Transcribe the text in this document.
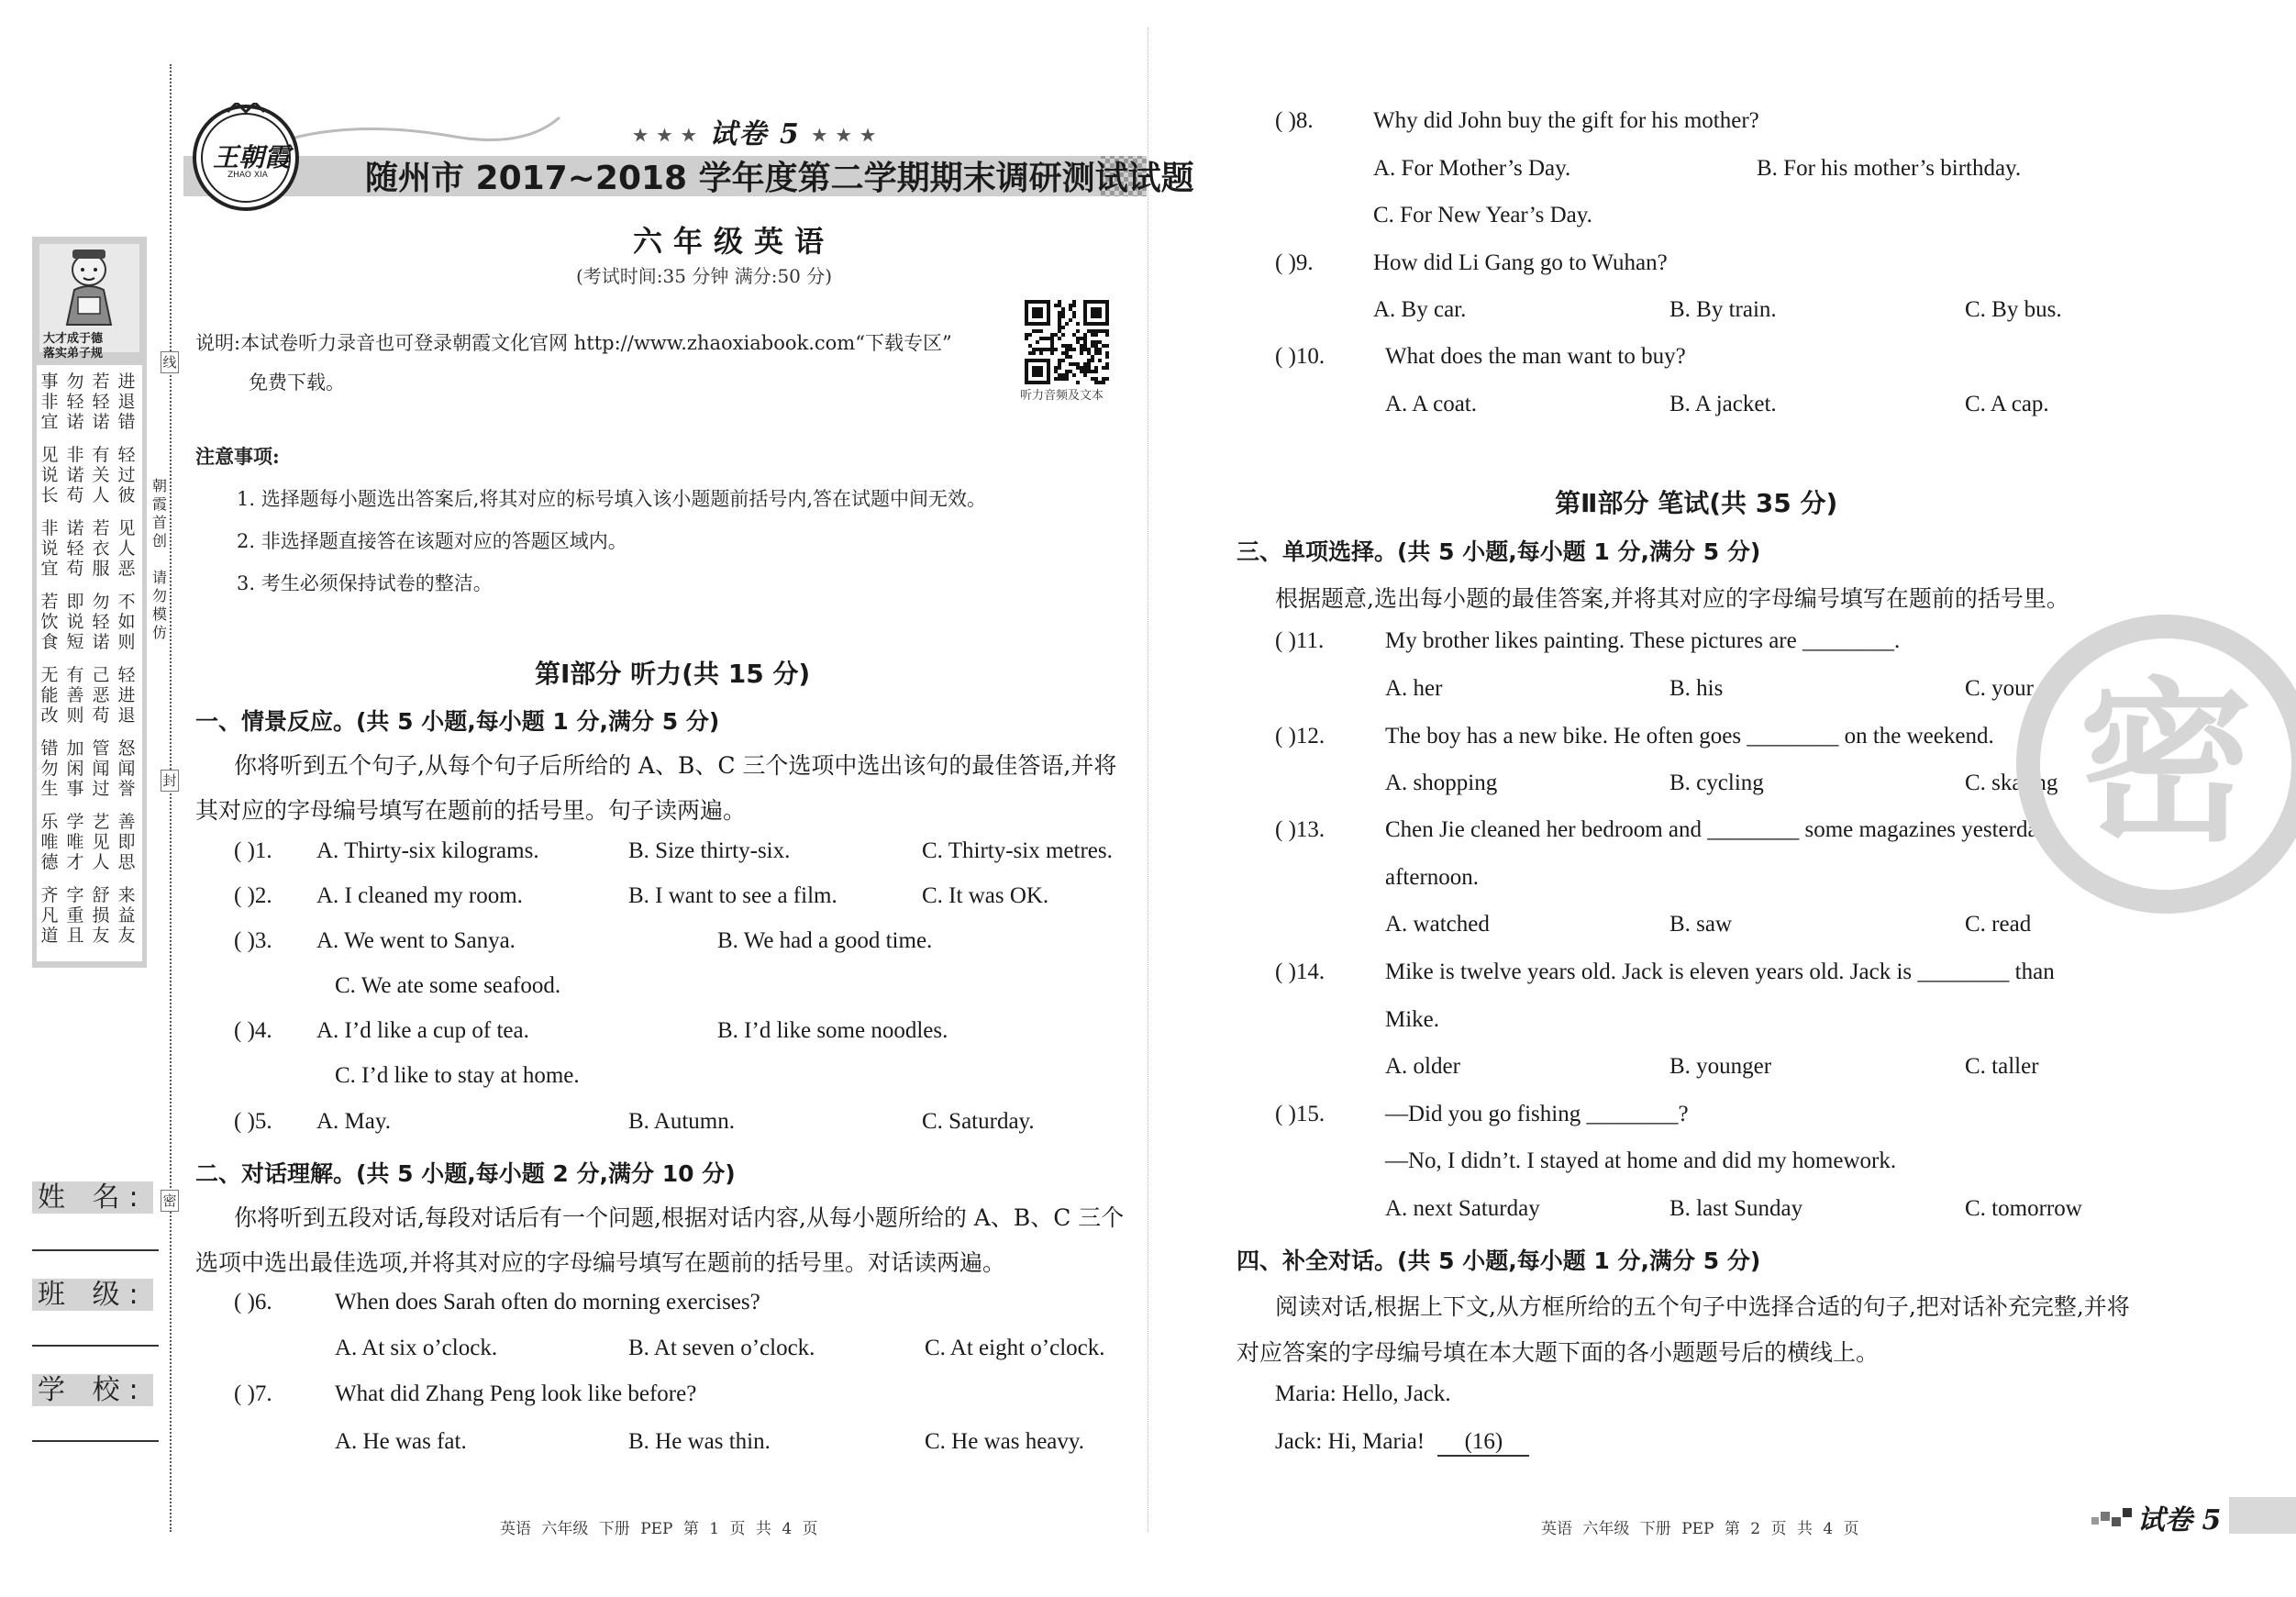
大才成于德
落实弟子规
事
非
宜
勿
轻
诺
若
轻
诺
进
退
错
见
说
长
非
诺
苟
有
关
人
轻
过
彼
非
说
宜
诺
轻
苟
若
衣
服
见
人
恶
若
饮
食
即
说
短
勿
轻
诺
不
如
则
无
能
改
有
善
则
己
恶
苟
轻
进
退
错
勿
生
加
闲
事
管
闻
过
怒
闻
誉
乐
唯
德
学
唯
才
艺
见
人
善
即
思
齐
凡
道
字
重
且
舒
损
友
来
益
友
朝
霞
首
创
请
勿
模
仿
线
封
密
姓 名:
班 级:
学 校:
王朝霞
ZHAO XIA
★ ★ ★ 试卷 5 ★ ★ ★
随州市 2017~2018 学年度第二学期期末调研测试试题
六年级英语
(考试时间:35 分钟 满分:50 分)
说明:本试卷听力录音也可登录朝霞文化官网 http://www.zhaoxiabook.com“下载专区”
免费下载。
听力音频及文本
注意事项:
1. 选择题每小题选出答案后,将其对应的标号填入该小题题前括号内,答在试题中间无效。
2. 非选择题直接答在该题对应的答题区域内。
3. 考生必须保持试卷的整洁。
第Ⅰ部分 听力(共 15 分)
一、情景反应。(共 5 小题,每小题 1 分,满分 5 分)
你将听到五个句子,从每个句子后所给的 A、B、C 三个选项中选出该句的最佳答语,并将
其对应的字母编号填写在题前的括号里。句子读两遍。
( )1. A. Thirty-six kilograms.	B. Size thirty-six.	C. Thirty-six metres.
( )2. A. I cleaned my room.	B. I want to see a film.	C. It was OK.
( )3. A. We went to Sanya.	B. We had a good time.
C. We ate some seafood.
( )4. A. I’d like a cup of tea.	B. I’d like some noodles.
C. I’d like to stay at home.
( )5. A. May.	B. Autumn.	C. Saturday.
二、对话理解。(共 5 小题,每小题 2 分,满分 10 分)
你将听到五段对话,每段对话后有一个问题,根据对话内容,从每小题所给的 A、B、C 三个
选项中选出最佳选项,并将其对应的字母编号填写在题前的括号里。对话读两遍。
( )6.	When does Sarah often do morning exercises?
A. At six o’clock.	B. At seven o’clock.	C. At eight o’clock.
( )7.	What did Zhang Peng look like before?
A. He was fat.	B. He was thin.	C. He was heavy.
英语 六年级 下册 PEP 第 1 页 共 4 页
( )8.	Why did John buy the gift for his mother?
A. For Mother’s Day.	B. For his mother’s birthday.
C. For New Year’s Day.
( )9.	How did Li Gang go to Wuhan?
A. By car.	B. By train.	C. By bus.
( )10.	What does the man want to buy?
A. A coat.	B. A jacket.	C. A cap.
第Ⅱ部分 笔试(共 35 分)
三、单项选择。(共 5 小题,每小题 1 分,满分 5 分)
根据题意,选出每小题的最佳答案,并将其对应的字母编号填写在题前的括号里。
( )11.	My brother likes painting. These pictures are ________.
A. her	B. his	C. your
( )12.	The boy has a new bike. He often goes ________ on the weekend.
A. shopping	B. cycling	C. skating
( )13.	Chen Jie cleaned her bedroom and ________ some magazines yesterday
afternoon.
A. watched	B. saw	C. read
( )14.	Mike is twelve years old. Jack is eleven years old. Jack is ________ than
Mike.
A. older	B. younger	C. taller
( )15.	—Did you go fishing ________?
—No, I didn’t. I stayed at home and did my homework.
A. next Saturday	B. last Sunday	C. tomorrow
四、补全对话。(共 5 小题,每小题 1 分,满分 5 分)
阅读对话,根据上下文,从方框所给的五个句子中选择合适的句子,把对话补充完整,并将
对应答案的字母编号填在本大题下面的各小题题号后的横线上。
Maria: Hello, Jack.
Jack: Hi, Maria! (16)
密
英语 六年级 下册 PEP 第 2 页 共 4 页	试卷 5
